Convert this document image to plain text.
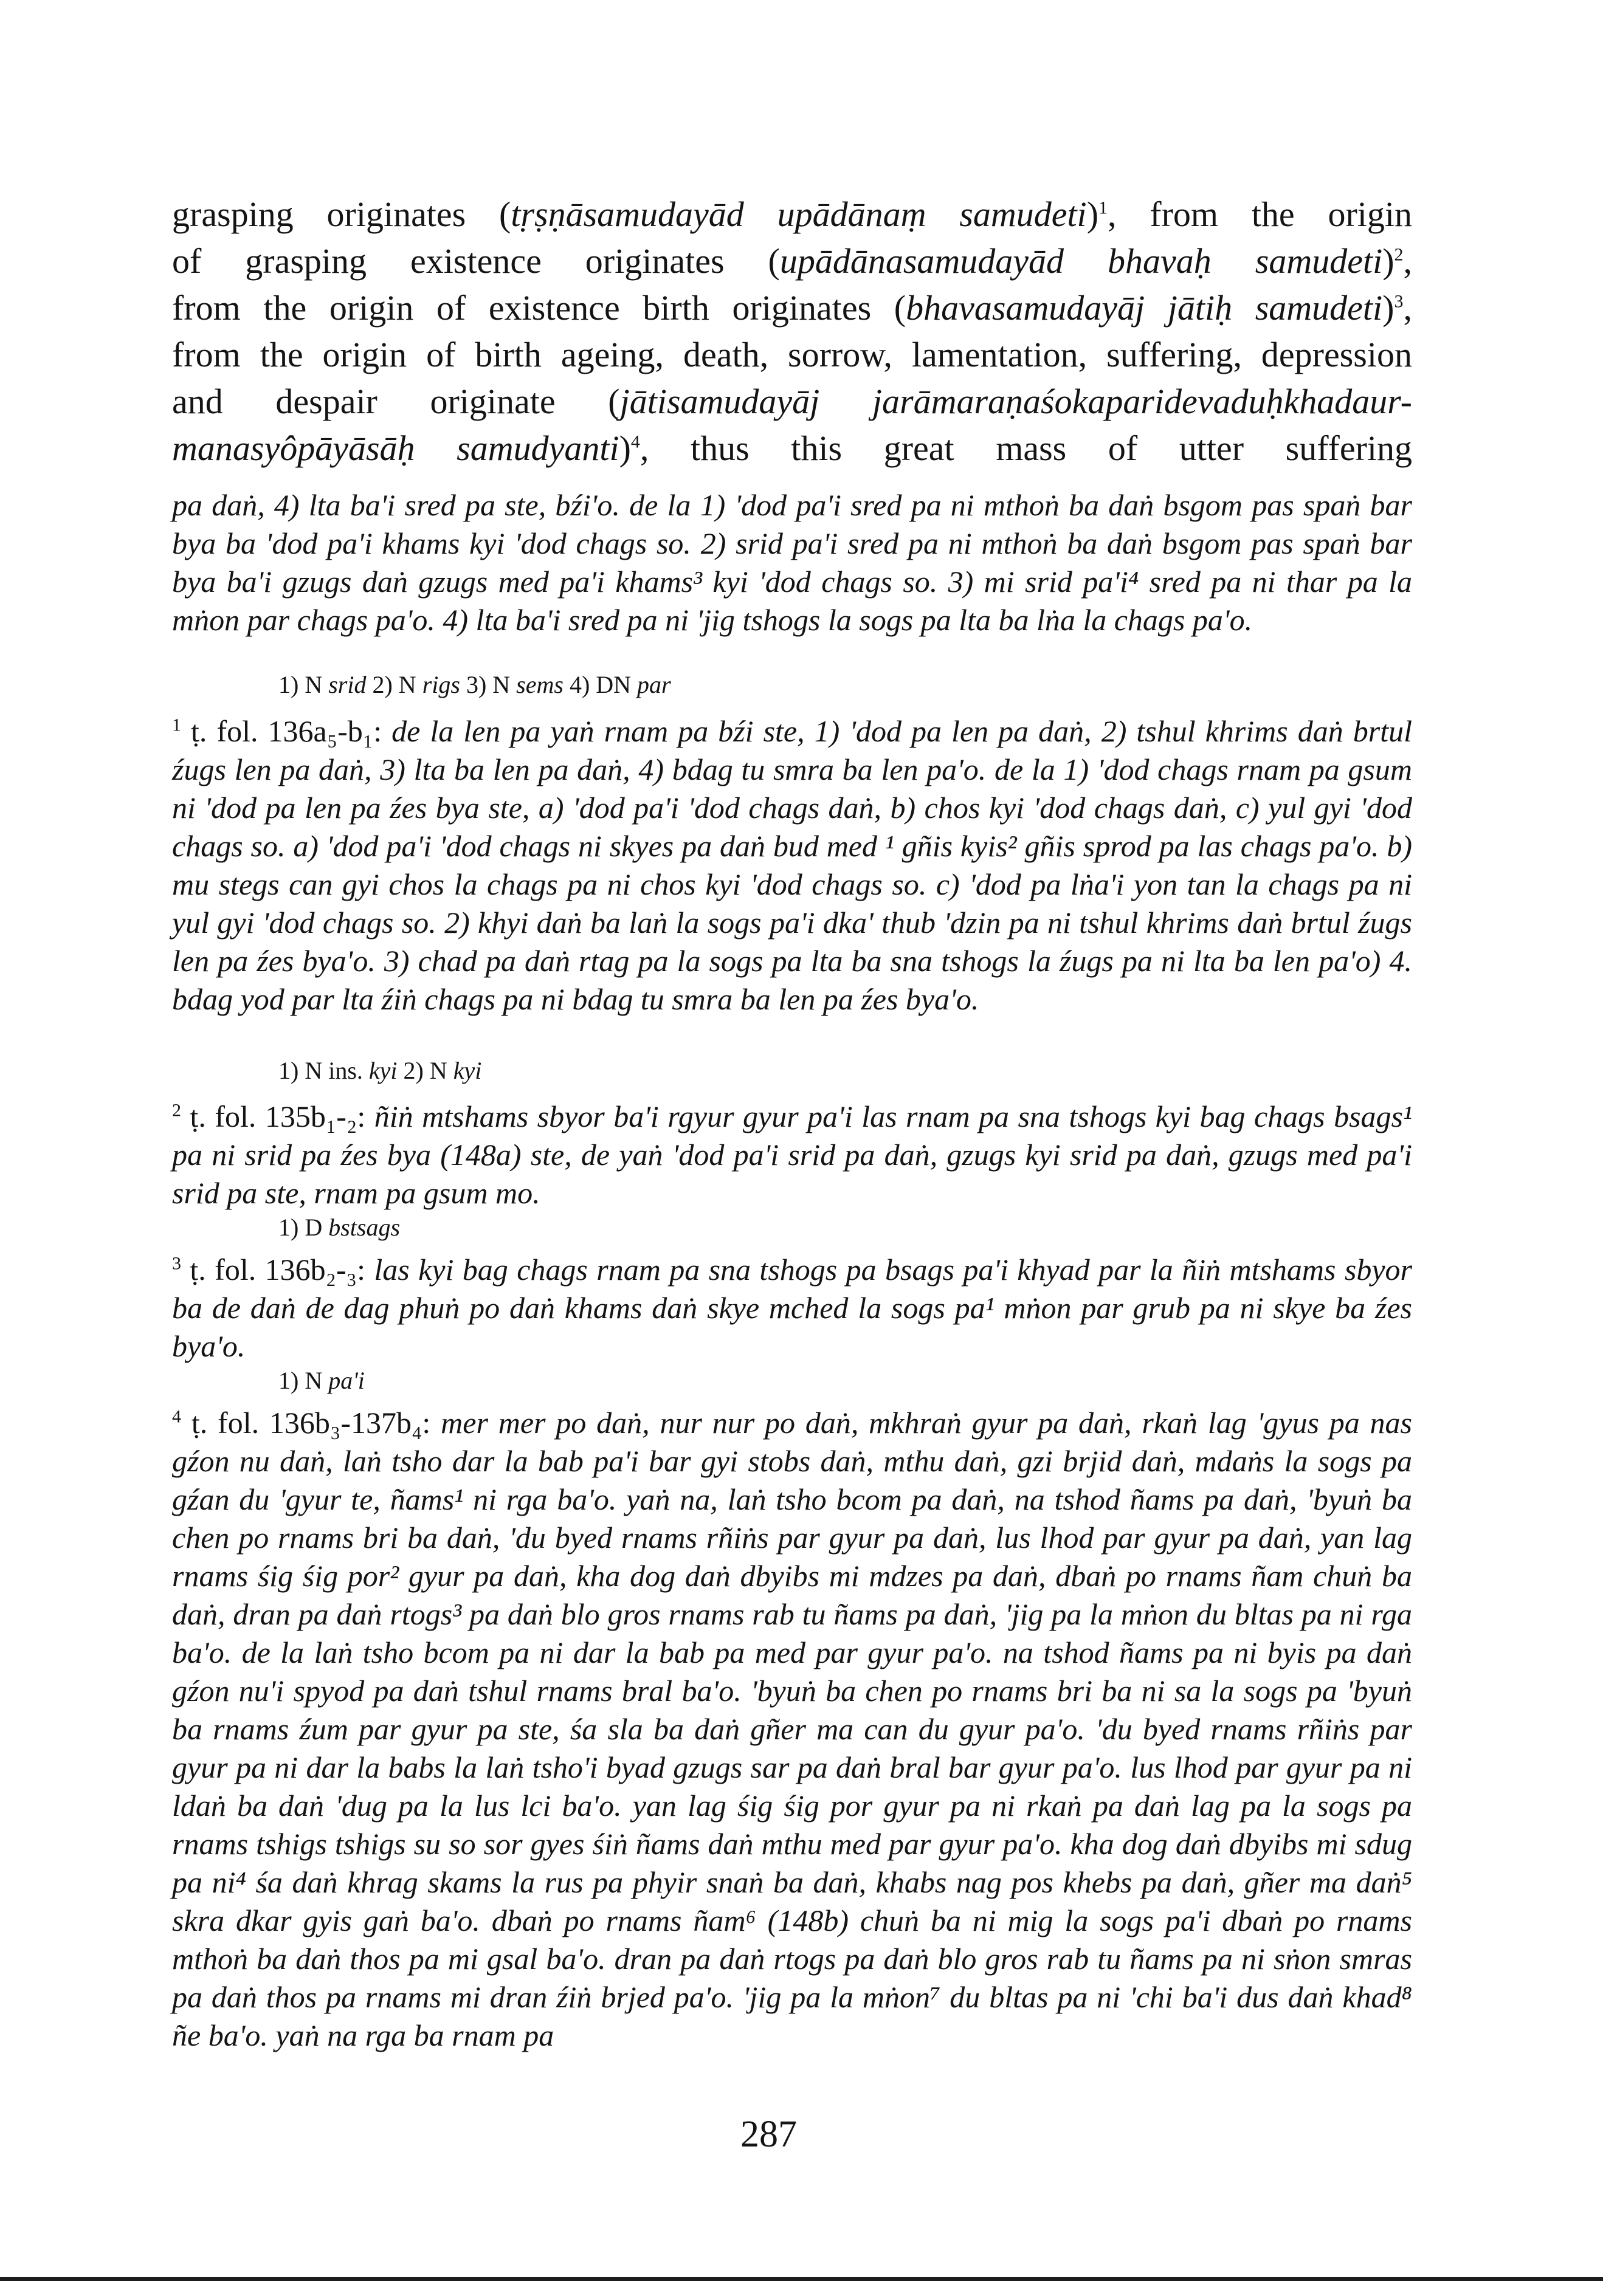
grasping originates (tṛṣṇāsamudayād upādānaṃ samudeti)$^1$, from the origin
of grasping existence originates (upādānasamudayād bhavaḥ samudeti)$^2$,
from the origin of existence birth originates (bhavasamudayāj jātiḥ samudeti)$^3$,
from the origin of birth ageing, death, sorrow, lamentation, suffering, depression
and despair originate (jātisamudayāj jarāmaraṇaśokaparidevaduḥkhadaur-
manasyôpāyāsāḥ samudyanti)$^4$, thus this great mass of utter suffering

pa daṅ, 4) lta ba'i sred pa ste, bźi'o. de la 1) 'dod pa'i sred pa ni mthoṅ ba daṅ bsgom pas spaṅ bar bya ba 'dod pa'i khams kyi 'dod chags so. 2) srid pa'i sred pa ni mthoṅ ba daṅ bsgom pas spaṅ bar bya ba'i gzugs daṅ gzugs med pa'i khams³ kyi 'dod chags so. 3) mi srid pa'i⁴ sred pa ni thar pa la mṅon par chags pa'o. 4) lta ba'i sred pa ni 'jig tshogs la sogs pa lta ba lṅa la chags pa'o.

1) N srid 2) N rigs 3) N sems 4) DN par

$^1$ ṭ. fol. 136a₅-b₁: de la len pa yaṅ rnam pa bźi ste, 1) 'dod pa len pa daṅ, 2) tshul khrims daṅ brtul źugs len pa daṅ, 3) lta ba len pa daṅ, 4) bdag tu smra ba len pa'o. de la 1) 'dod chags rnam pa gsum ni 'dod pa len pa źes bya ste, a) 'dod pa'i 'dod chags daṅ, b) chos kyi 'dod chags daṅ, c) yul gyi 'dod chags so. a) 'dod pa'i 'dod chags ni skyes pa daṅ bud med ¹ gñis kyis² gñis sprod pa las chags pa'o. b) mu stegs can gyi chos la chags pa ni chos kyi 'dod chags so. c) 'dod pa lṅa'i yon tan la chags pa ni yul gyi 'dod chags so. 2) khyi daṅ ba laṅ la sogs pa'i dka' thub 'dzin pa ni tshul khrims daṅ brtul źugs len pa źes bya'o. 3) chad pa daṅ rtag pa la sogs pa lta ba sna tshogs la źugs pa ni lta ba len pa'o) 4. bdag yod par lta źiṅ chags pa ni bdag tu smra ba len pa źes bya'o.

1) N ins. kyi 2) N kyi

$^2$ ṭ. fol. 135b₁-₂: ñiṅ mtshams sbyor ba'i rgyur gyur pa'i las rnam pa sna tshogs kyi bag chags bsags¹ pa ni srid pa źes bya (148a) ste, de yaṅ 'dod pa'i srid pa daṅ, gzugs kyi srid pa daṅ, gzugs med pa'i srid pa ste, rnam pa gsum mo.

1) D bstsags

$^3$ ṭ. fol. 136b₂-₃: las kyi bag chags rnam pa sna tshogs pa bsags pa'i khyad par la ñiṅ mtshams sbyor ba de daṅ de dag phuṅ po daṅ khams daṅ skye mched la sogs pa¹ mṅon par grub pa ni skye ba źes bya'o.

1) N pa'i

$^4$ ṭ. fol. 136b₃-137b₄: mer mer po daṅ, nur nur po daṅ, mkhraṅ gyur pa daṅ, rkaṅ lag 'gyus pa nas gźon nu daṅ, laṅ tsho dar la bab pa'i bar gyi stobs daṅ, mthu daṅ, gzi brjid daṅ, mdaṅs la sogs pa gźan du 'gyur te, ñams¹ ni rga ba'o. yaṅ na, laṅ tsho bcom pa daṅ, na tshod ñams pa daṅ, 'byuṅ ba chen po rnams bri ba daṅ, 'du byed rnams rñiṅs par gyur pa daṅ, lus lhod par gyur pa daṅ, yan lag rnams śig śig por² gyur pa daṅ, kha dog daṅ dbyibs mi mdzes pa daṅ, dbaṅ po rnams ñam chuṅ ba daṅ, dran pa daṅ rtogs³ pa daṅ blo gros rnams rab tu ñams pa daṅ, 'jig pa la mṅon du bltas pa ni rga ba'o. de la laṅ tsho bcom pa ni dar la bab pa med par gyur pa'o. na tshod ñams pa ni byis pa daṅ gźon nu'i spyod pa daṅ tshul rnams bral ba'o. 'byuṅ ba chen po rnams bri ba ni sa la sogs pa 'byuṅ ba rnams źum par gyur pa ste, śa sla ba daṅ gñer ma can du gyur pa'o. 'du byed rnams rñiṅs par gyur pa ni dar la babs la laṅ tsho'i byad gzugs sar pa daṅ bral bar gyur pa'o. lus lhod par gyur pa ni ldaṅ ba daṅ 'dug pa la lus lci ba'o. yan lag śig śig por gyur pa ni rkaṅ pa daṅ lag pa la sogs pa rnams tshigs tshigs su so sor gyes śiṅ ñams daṅ mthu med par gyur pa'o. kha dog daṅ dbyibs mi sdug pa ni⁴ śa daṅ khrag skams la rus pa phyir snaṅ ba daṅ, khabs nag pos khebs pa daṅ, gñer ma daṅ⁵ skra dkar gyis gaṅ ba'o. dbaṅ po rnams ñam⁶ (148b) chuṅ ba ni mig la sogs pa'i dbaṅ po rnams mthoṅ ba daṅ thos pa mi gsal ba'o. dran pa daṅ rtogs pa daṅ blo gros rab tu ñams pa ni sṅon smras pa daṅ thos pa rnams mi dran źiṅ brjed pa'o. 'jig pa la mṅon⁷ du bltas pa ni 'chi ba'i dus daṅ khad⁸ ñe ba'o. yaṅ na rga ba rnam pa

287
